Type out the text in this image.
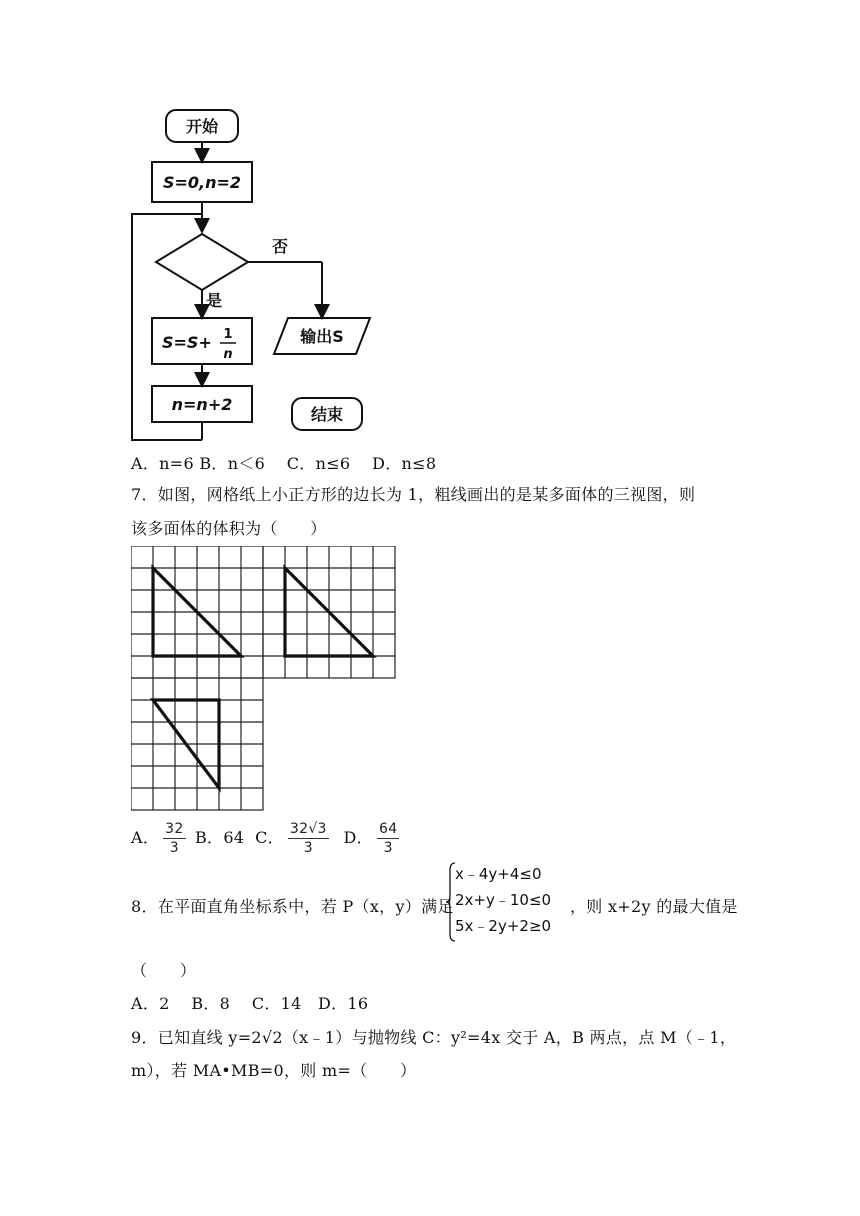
开始
S=0,n=2
否
是
S=S+ 1
n
n=n+2
输出S
结束
A．n=6 B．n＜6　 C．n≤6　 D．n≤8
7．如图，网格纸上小正方形的边长为 1，粗线画出的是某多面体的三视图，则
该多面体的体积为（　　）
A． $\frac{32}{3}$ B．64 C． $\frac{32√3}{3}$ D． $\frac{64}{3}$
8．在平面直角坐标系中，若 P（x，y）满足
x﹣4y+4≤0
2x+y﹣10≤0
5x﹣2y+2≥0
，则 x+2y 的最大值是
（　　）
A．2　 B．8　 C．14　D．16
9．已知直线 y=2√2（x﹣1）与抛物线 C：y²=4x 交于 A，B 两点，点 M（﹣1，
m），若 MA•MB=0，则 m=（　　）
